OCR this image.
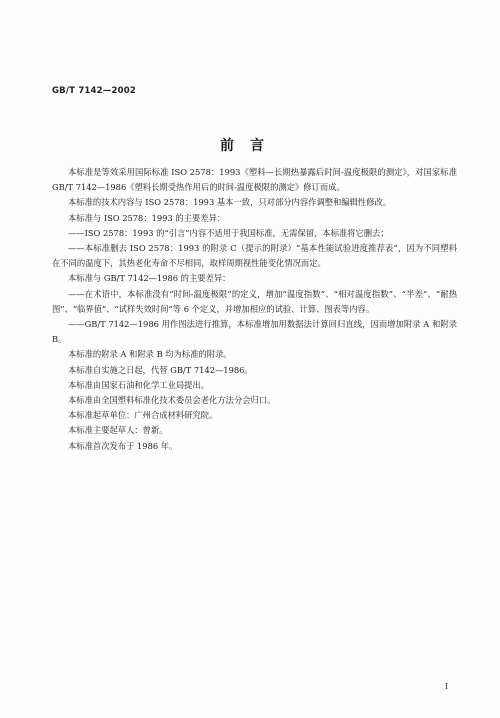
GB/T 7142—2002
前言

本标准是等效采用国际标准 ISO 2578：1993《塑料—长期热暴露后时间-温度极限的测定》，对国家标准 GB/T 7142—1986《塑料长期受热作用后的时间-温度极限的测定》修订而成。

本标准的技术内容与 ISO 2578：1993 基本一致，只对部分内容作调整和编辑性修改。

本标准与 ISO 2578：1993 的主要差异：

——ISO 2578：1993 的“引言”内容不适用于我国标准，无需保留，本标准将它删去；

——本标准删去 ISO 2578：1993 的附录 C（提示的附录）“基本性能试验进度推荐表”，因为不同塑料在不同的温度下，其热老化寿命不尽相同，取样周期视性能变化情况而定。

本标准与 GB/T 7142—1986 的主要差异：

——在术语中，本标准没有“时间-温度极限”的定义，增加“温度指数”、“相对温度指数”、“半差”、“耐热图”、“临界值”、“试样失效时间”等 6 个定义，并增加相应的试验、计算、图表等内容。

——GB/T 7142—1986 用作图法进行推算，本标准增加用数据法计算回归直线，因而增加附录 A 和附录 B。

本标准的附录 A 和附录 B 均为标准的附录。

本标准自实施之日起，代替 GB/T 7142—1986。

本标准由国家石油和化学工业局提出。

本标准由全国塑料标准化技术委员会老化方法分会归口。

本标准起草单位：广州合成材料研究院。

本标准主要起草人：曾新。

本标准首次发布于 1986 年。

I
